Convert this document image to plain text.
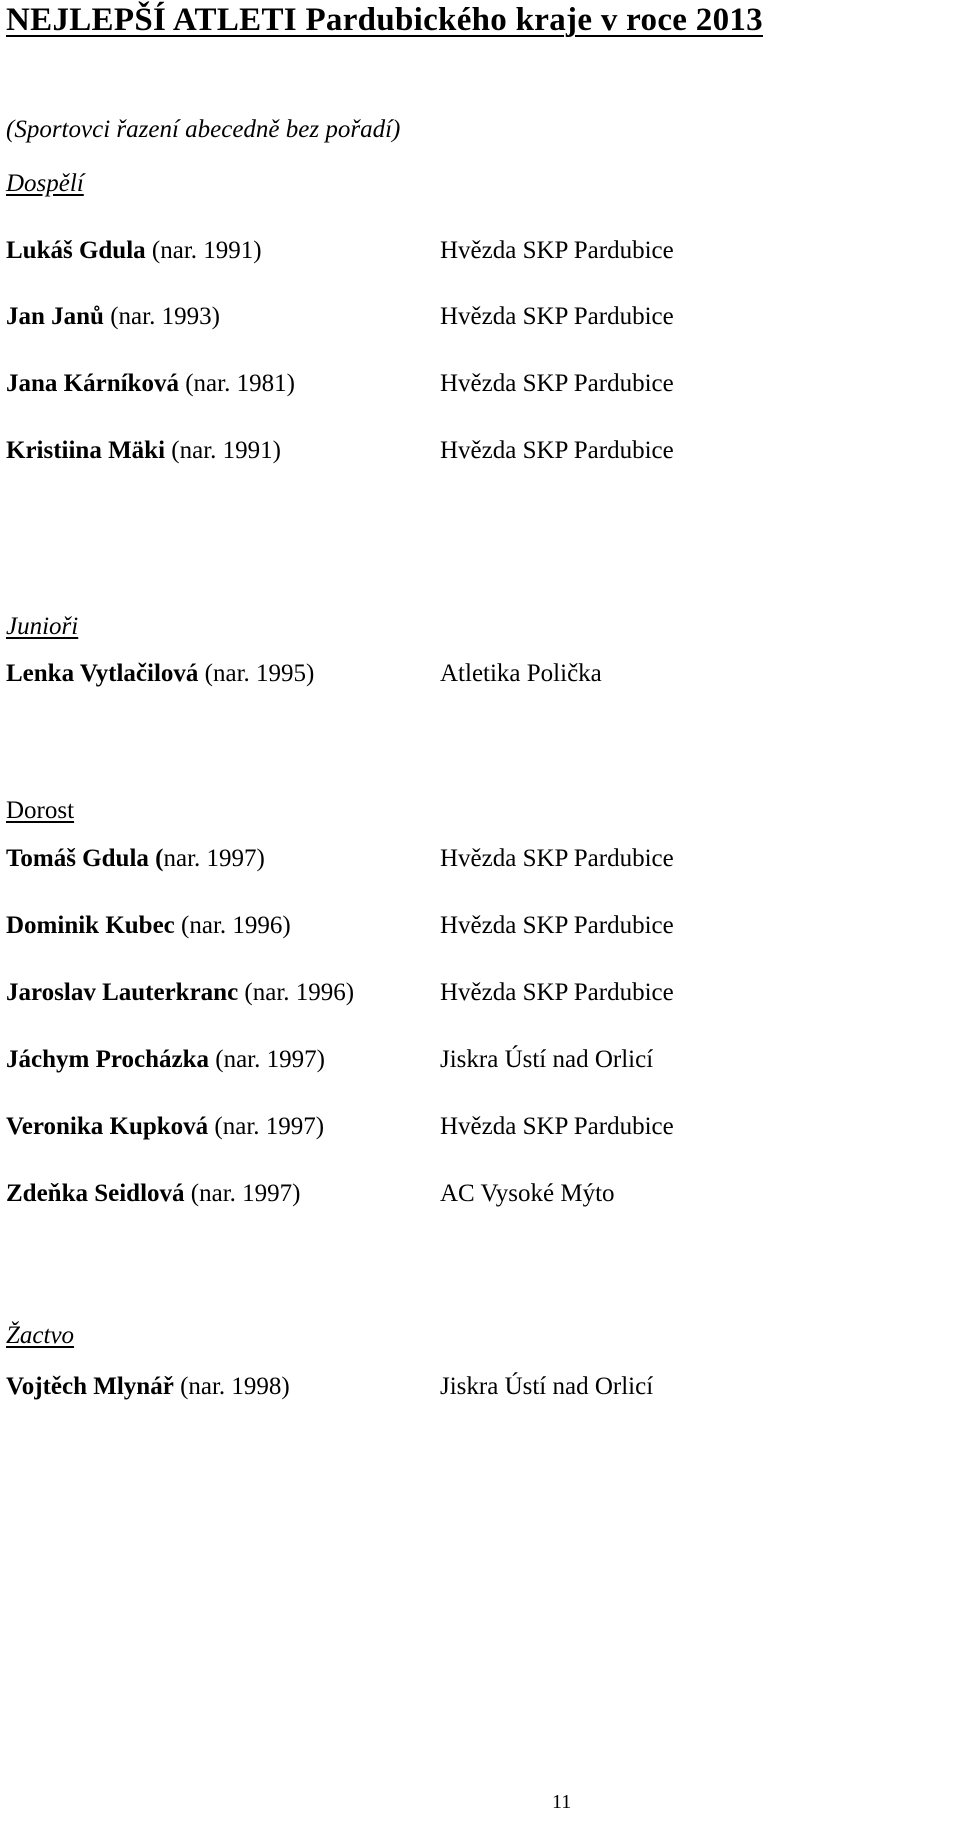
NEJLEPŠÍ ATLETI Pardubického kraje v roce 2013
(Sportovci řazení abecedně bez pořadí)
Dospělí
Lukáš Gdula (nar. 1991)	Hvězda SKP Pardubice
Jan Janů (nar. 1993)	Hvězda SKP Pardubice
Jana Kárníková (nar. 1981)	Hvězda SKP Pardubice
Kristiina Mäki (nar. 1991)	Hvězda SKP Pardubice
Junioři
Lenka Vytlačilová (nar. 1995)	Atletika Polička
Dorost
Tomáš Gdula (nar. 1997)	Hvězda SKP Pardubice
Dominik Kubec (nar. 1996)	Hvězda SKP Pardubice
Jaroslav Lauterkranc (nar. 1996)	Hvězda SKP Pardubice
Jáchym Procházka (nar. 1997)	Jiskra Ústí nad Orlicí
Veronika Kupková (nar. 1997)	Hvězda SKP Pardubice
Zdeňka Seidlová (nar. 1997)	AC Vysoké Mýto
Žactvo
Vojtěch Mlynář (nar. 1998)	Jiskra Ústí nad Orlicí
11
